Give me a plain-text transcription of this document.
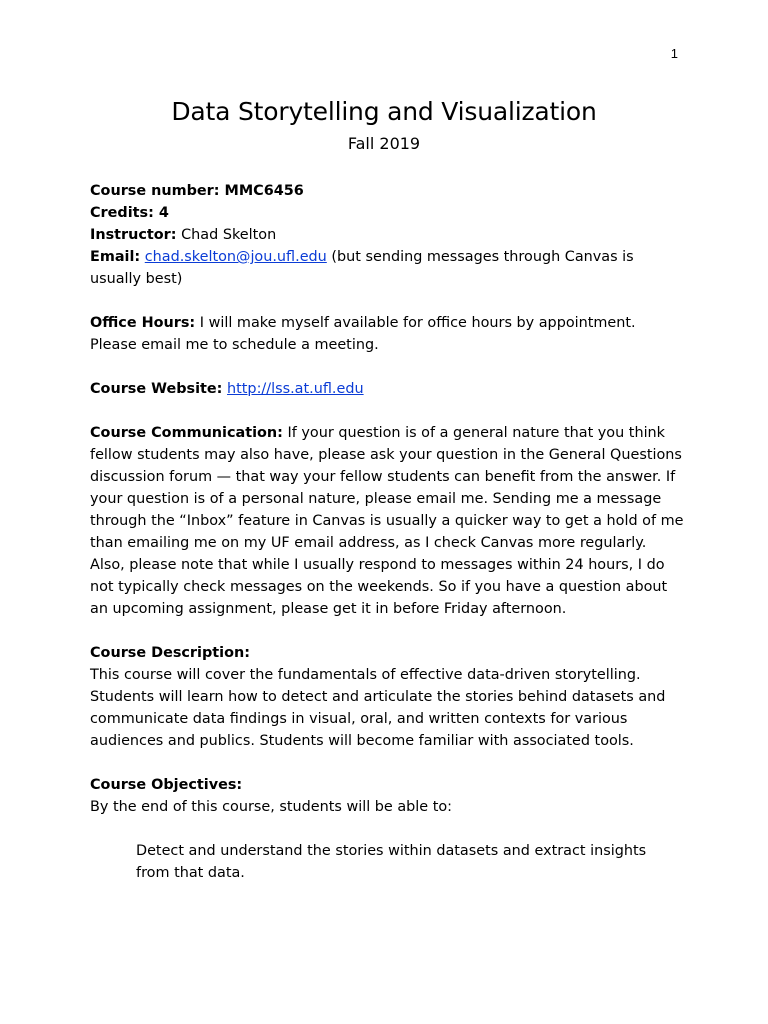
1
Data Storytelling and Visualization
Fall 2019

Course number: MMC6456

Credits: 4

Instructor: Chad Skelton

Email: chad.skelton@jou.ufl.edu (but sending messages through Canvas is usually best)

Office Hours: I will make myself available for office hours by appointment. Please email me to schedule a meeting.

Course Website: http://lss.at.ufl.edu

Course Communication: If your question is of a general nature that you think fellow students may also have, please ask your question in the General Questions discussion forum — that way your fellow students can benefit from the answer. If your question is of a personal nature, please email me. Sending me a message through the “Inbox” feature in Canvas is usually a quicker way to get a hold of me than emailing me on my UF email address, as I check Canvas more regularly. Also, please note that while I usually respond to messages within 24 hours, I do not typically check messages on the weekends. So if you have a question about an upcoming assignment, please get it in before Friday afternoon.

Course Description:

This course will cover the fundamentals of effective data-driven storytelling. Students will learn how to detect and articulate the stories behind datasets and communicate data findings in visual, oral, and written contexts for various audiences and publics. Students will become familiar with associated tools.

Course Objectives:

By the end of this course, students will be able to:

Detect and understand the stories within datasets and extract insights from that data.
